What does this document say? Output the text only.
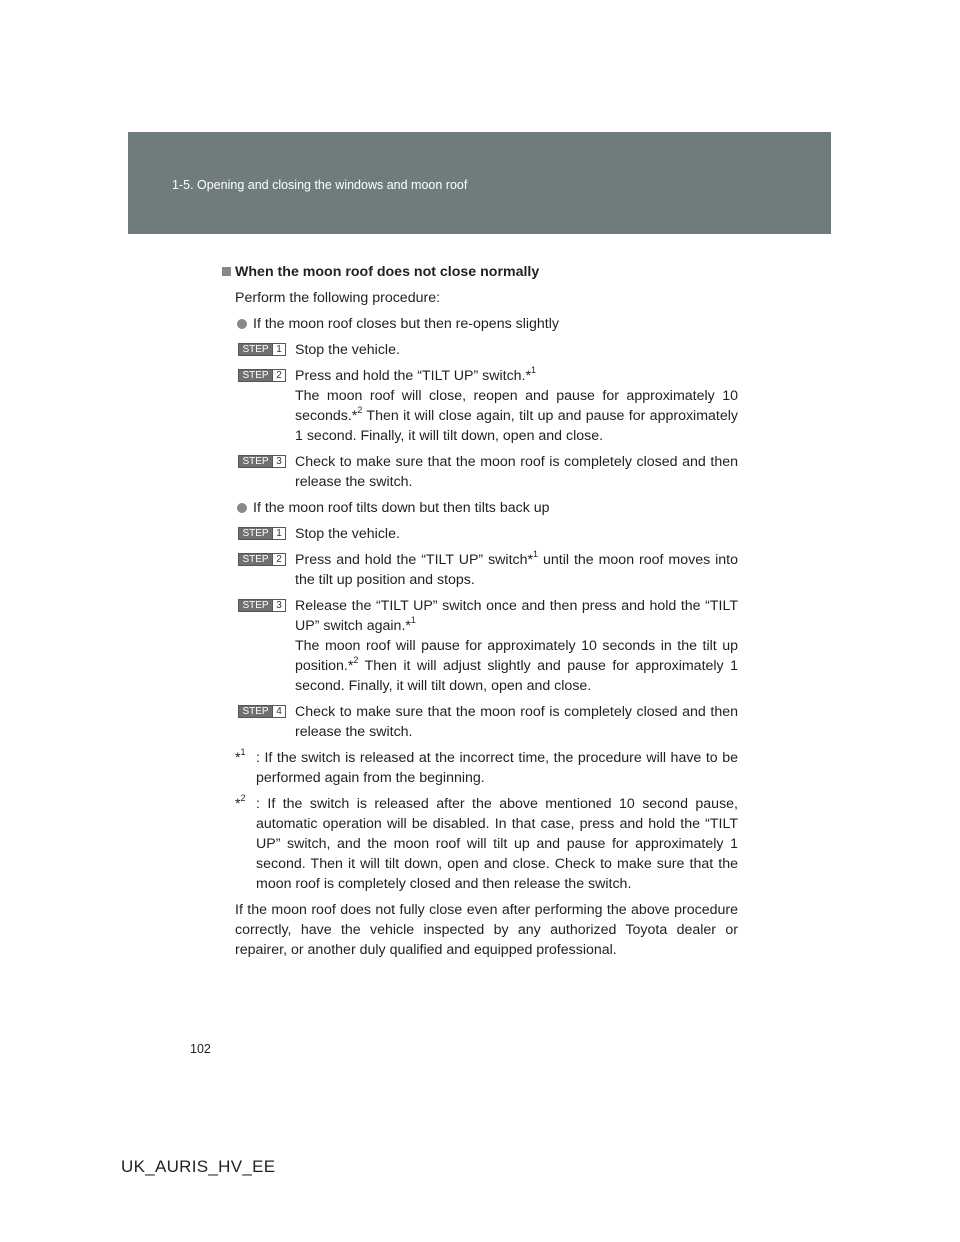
1-5. Opening and closing the windows and moon roof
When the moon roof does not close normally
Perform the following procedure:
If the moon roof closes but then re-opens slightly
STEP 1 Stop the vehicle.
STEP 2 Press and hold the “TILT UP” switch.*$^1$
The moon roof will close, reopen and pause for approximately 10 seconds.*$^2$ Then it will close again, tilt up and pause for approximately 1 second. Finally, it will tilt down, open and close.
STEP 3 Check to make sure that the moon roof is completely closed and then release the switch.
If the moon roof tilts down but then tilts back up
STEP 1 Stop the vehicle.
STEP 2 Press and hold the “TILT UP” switch*$^1$ until the moon roof moves into the tilt up position and stops.
STEP 3 Release the “TILT UP” switch once and then press and hold the “TILT UP” switch again.*$^1$
The moon roof will pause for approximately 10 seconds in the tilt up position.*$^2$ Then it will adjust slightly and pause for approximately 1 second. Finally, it will tilt down, open and close.
STEP 4 Check to make sure that the moon roof is completely closed and then release the switch.
*$^1$ : If the switch is released at the incorrect time, the procedure will have to be performed again from the beginning.
*$^2$ : If the switch is released after the above mentioned 10 second pause, automatic operation will be disabled. In that case, press and hold the “TILT UP” switch, and the moon roof will tilt up and pause for approximately 1 second. Then it will tilt down, open and close. Check to make sure that the moon roof is completely closed and then release the switch.
If the moon roof does not fully close even after performing the above procedure correctly, have the vehicle inspected by any authorized Toyota dealer or repairer, or another duly qualified and equipped professional.
102
UK_AURIS_HV_EE
